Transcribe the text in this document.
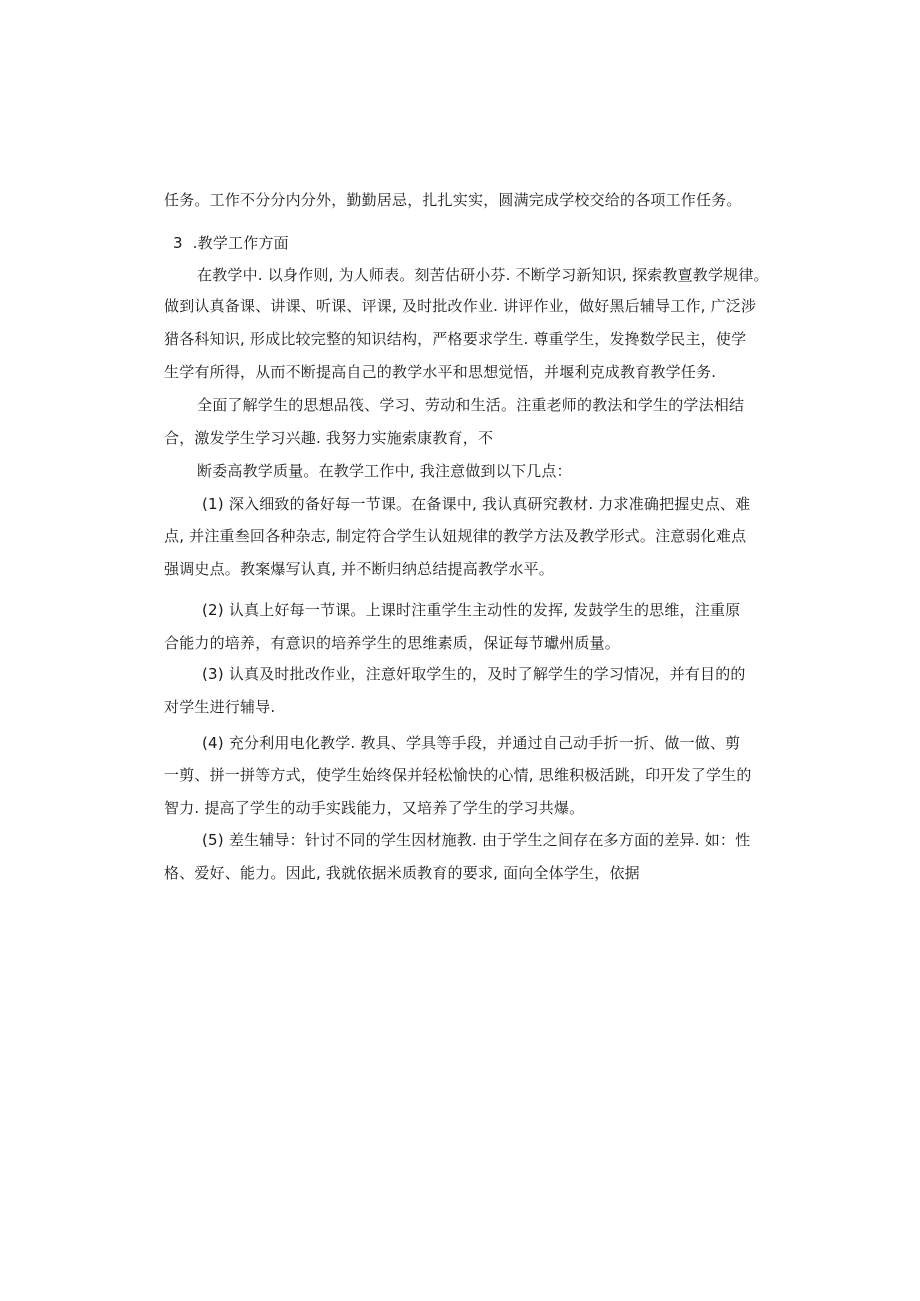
任务。工作不分分内分外，勤勤居忌，扎扎实实，圆满完成学校交给的各项工作任务。
3  .教学工作方面
在教学中. 以身作则, 为人师表。刻苦估研小芬. 不断学习新知识, 探索教亶教学规律。
做到认真备课、讲课、听课、评课, 及时批改作业. 讲评作业，做好黑后辅导工作, 广泛涉
猎各科知识, 形成比较完整的知识结构，严格要求学生. 尊重学生，发搀数学民主，使学
生学有所得，从而不断提高自己的教学水平和思想觉悟，并堰利克成教育教学任务.
全面了解学生的思想品筏、学习、劳动和生活。注重老师的教法和学生的学法相结
合，激发学生学习兴趣. 我努力实施索康教育，不
断委高教学质量。在教学工作中, 我注意做到以下几点：
(1) 深入细致的备好每一节课。在备课中, 我认真研究教材. 力求准确把握史点、难
点, 并注重叁回各种杂志, 制定符合学生认妞规律的教学方法及教学形式。注意弱化难点
强调史点。教案爆写认真, 并不断归纳总结提高教学水平。
(2) 认真上好每一节课。上课时注重学生主动性的发挥, 发鼓学生的思维，注重原
合能力的培养，有意识的培养学生的思维素质，保证每节瓛州质量。
(3) 认真及时批改作业，注意奸取学生的，及时了解学生的学习情况，并有目的的
对学生进行辅导.
(4) 充分利用电化教学. 教具、学具等手段，并通过自己动手折一折、做一做、剪
一剪、拼一拼等方式，使学生始终保并轻松愉快的心情, 思维积极活跳，印开发了学生的
智力. 提高了学生的动手实践能力，又培养了学生的学习共爆。
(5) 差生辅导：针讨不同的学生因材施教. 由于学生之间存在多方面的差异. 如：性
格、爱好、能力。因此, 我就依据米质教育的要求, 面向全体学生，依据
